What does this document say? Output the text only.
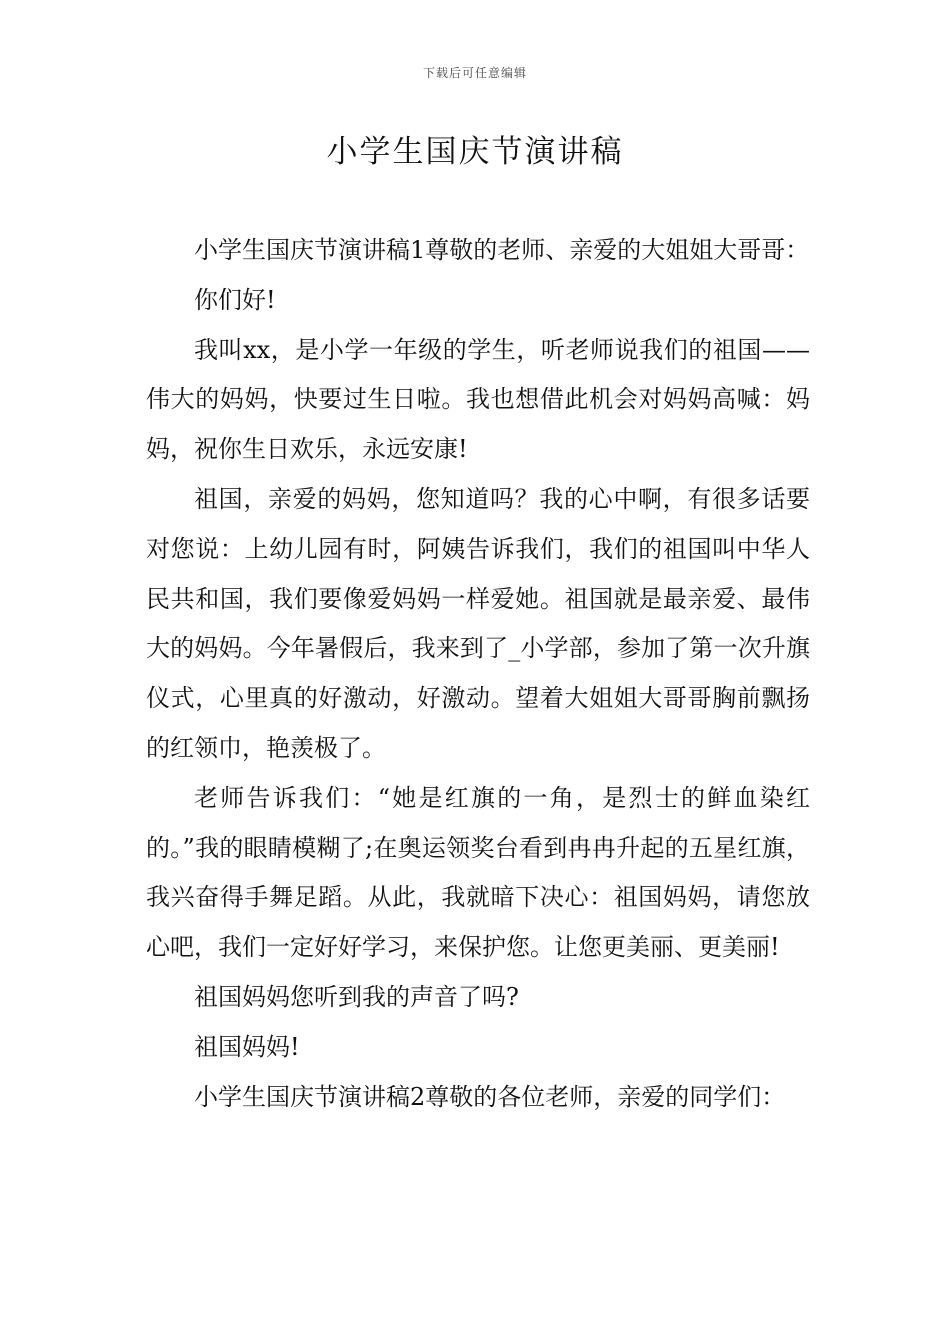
下载后可任意编辑
小学生国庆节演讲稿

小学生国庆节演讲稿1尊敬的老师、亲爱的大姐姐大哥哥：

你们好!

我叫xx，是小学一年级的学生，听老师说我们的祖国——伟大的妈妈，快要过生日啦。我也想借此机会对妈妈高喊：妈妈，祝你生日欢乐，永远安康!

祖国，亲爱的妈妈，您知道吗？我的心中啊，有很多话要对您说：上幼儿园有时，阿姨告诉我们，我们的祖国叫中华人民共和国，我们要像爱妈妈一样爱她。祖国就是最亲爱、最伟大的妈妈。今年暑假后，我来到了_小学部，参加了第一次升旗仪式，心里真的好激动，好激动。望着大姐姐大哥哥胸前飘扬的红领巾，艳羡极了。

老师告诉我们：“她是红旗的一角，是烈士的鲜血染红的。”我的眼睛模糊了;在奥运领奖台看到冉冉升起的五星红旗，我兴奋得手舞足蹈。从此，我就暗下决心：祖国妈妈，请您放心吧，我们一定好好学习，来保护您。让您更美丽、更美丽!

祖国妈妈您听到我的声音了吗?

祖国妈妈!

小学生国庆节演讲稿2尊敬的各位老师，亲爱的同学们：
